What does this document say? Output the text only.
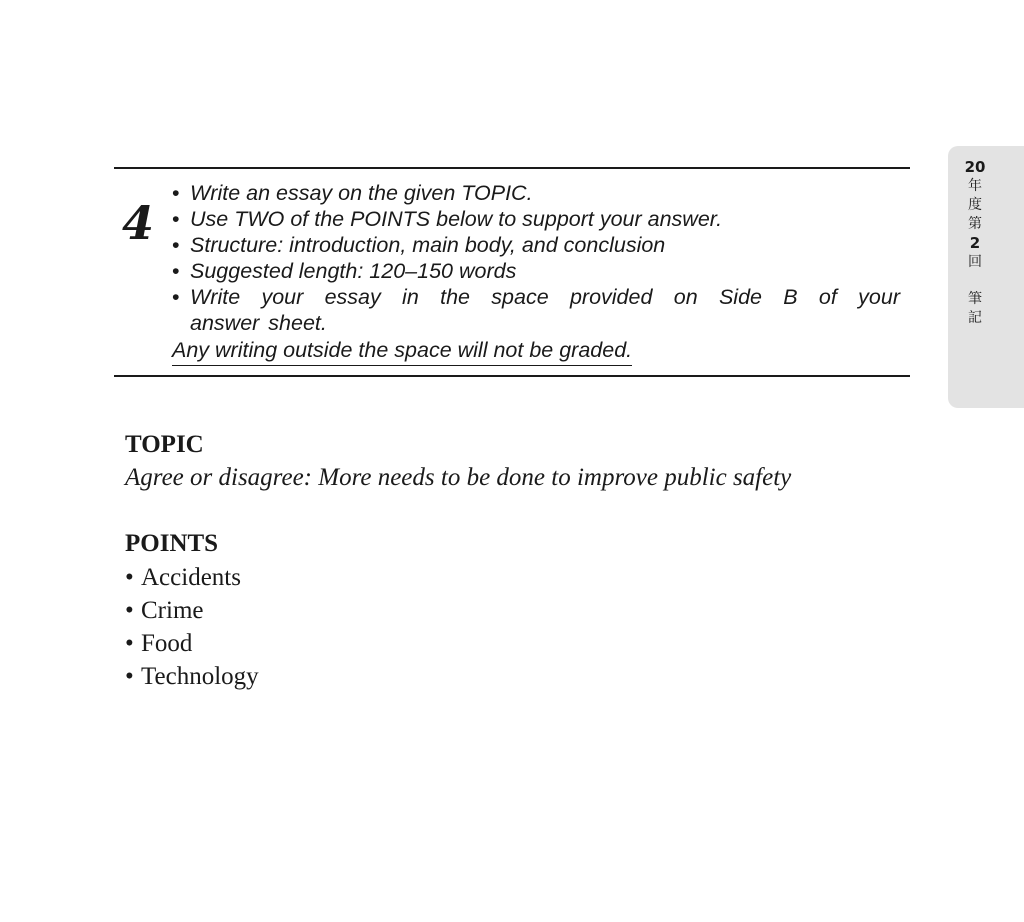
4
• Write an essay on the given TOPIC.
• Use TWO of the POINTS below to support your answer.
• Structure: introduction, main body, and conclusion
• Suggested length: 120–150 words
• Write your essay in the space provided on Side B of your
answer sheet.
Any writing outside the space will not be graded.
20
年
度
第
2
回
筆
記
TOPIC
Agree or disagree: More needs to be done to improve public safety
POINTS
• Accidents
• Crime
• Food
• Technology
